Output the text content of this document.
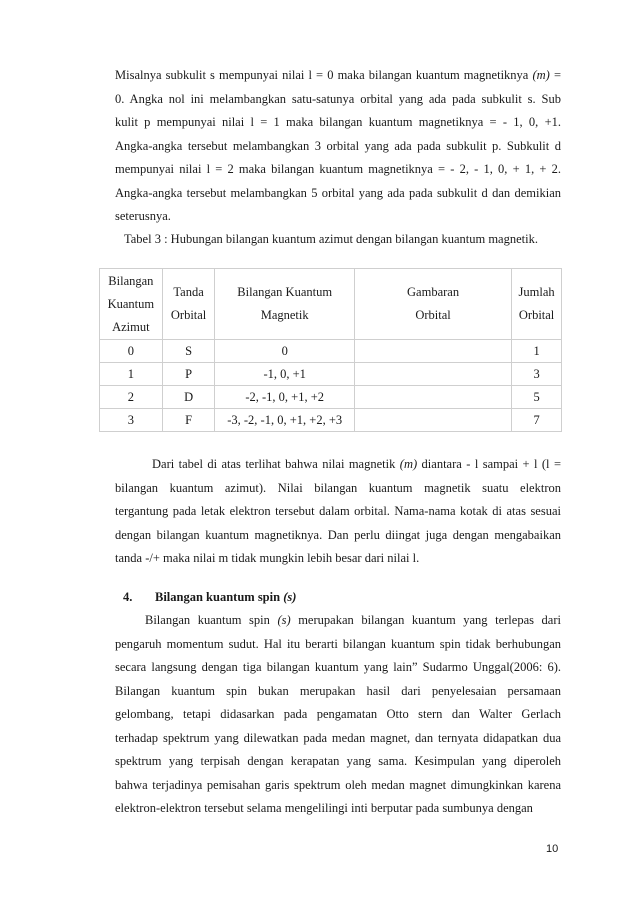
Misalnya subkulit s mempunyai nilai l = 0 maka bilangan kuantum magnetiknya (m) =
0. Angka nol ini melambangkan satu-satunya orbital yang ada pada subkulit s. Sub
kulit p mempunyai nilai l = 1 maka bilangan kuantum magnetiknya = - 1, 0, +1.
Angka-angka tersebut melambangkan 3 orbital yang ada pada subkulit p. Subkulit d
mempunyai nilai l = 2 maka bilangan kuantum magnetiknya = - 2, - 1, 0, + 1, + 2.
Angka-angka tersebut melambangkan 5 orbital yang ada pada subkulit d dan demikian
seterusnya.

Tabel 3 : Hubungan bilangan kuantum azimut dengan bilangan kuantum magnetik.

Bilangan
Kuantum
Azimut	Tanda
Orbital	Bilangan Kuantum
Magnetik	Gambaran
Orbital	Jumlah
Orbital
0	S	0		1
1	P	-1, 0, +1		3
2	D	-2, -1, 0, +1, +2		5
3	F	-3, -2, -1, 0, +1, +2, +3		7
Dari tabel di atas terlihat bahwa nilai magnetik (m) diantara - l sampai + l (l =
bilangan kuantum azimut). Nilai bilangan kuantum magnetik suatu elektron
tergantung pada letak elektron tersebut dalam orbital. Nama-nama kotak di atas sesuai
dengan bilangan kuantum magnetiknya. Dan perlu diingat juga dengan mengabaikan
tanda -/+ maka nilai m tidak mungkin lebih besar dari nilai l.

4. Bilangan kuantum spin (s)

Bilangan kuantum spin (s) merupakan bilangan kuantum yang terlepas dari
pengaruh momentum sudut. Hal itu berarti bilangan kuantum spin tidak berhubungan
secara langsung dengan tiga bilangan kuantum yang lain” Sudarmo Unggal(2006: 6).
Bilangan kuantum spin bukan merupakan hasil dari penyelesaian persamaan
gelombang, tetapi didasarkan pada pengamatan Otto stern dan Walter Gerlach
terhadap spektrum yang dilewatkan pada medan magnet, dan ternyata didapatkan dua
spektrum yang terpisah dengan kerapatan yang sama. Kesimpulan yang diperoleh
bahwa terjadinya pemisahan garis spektrum oleh medan magnet dimungkinkan karena
elektron-elektron tersebut selama mengelilingi inti berputar pada sumbunya dengan

10
